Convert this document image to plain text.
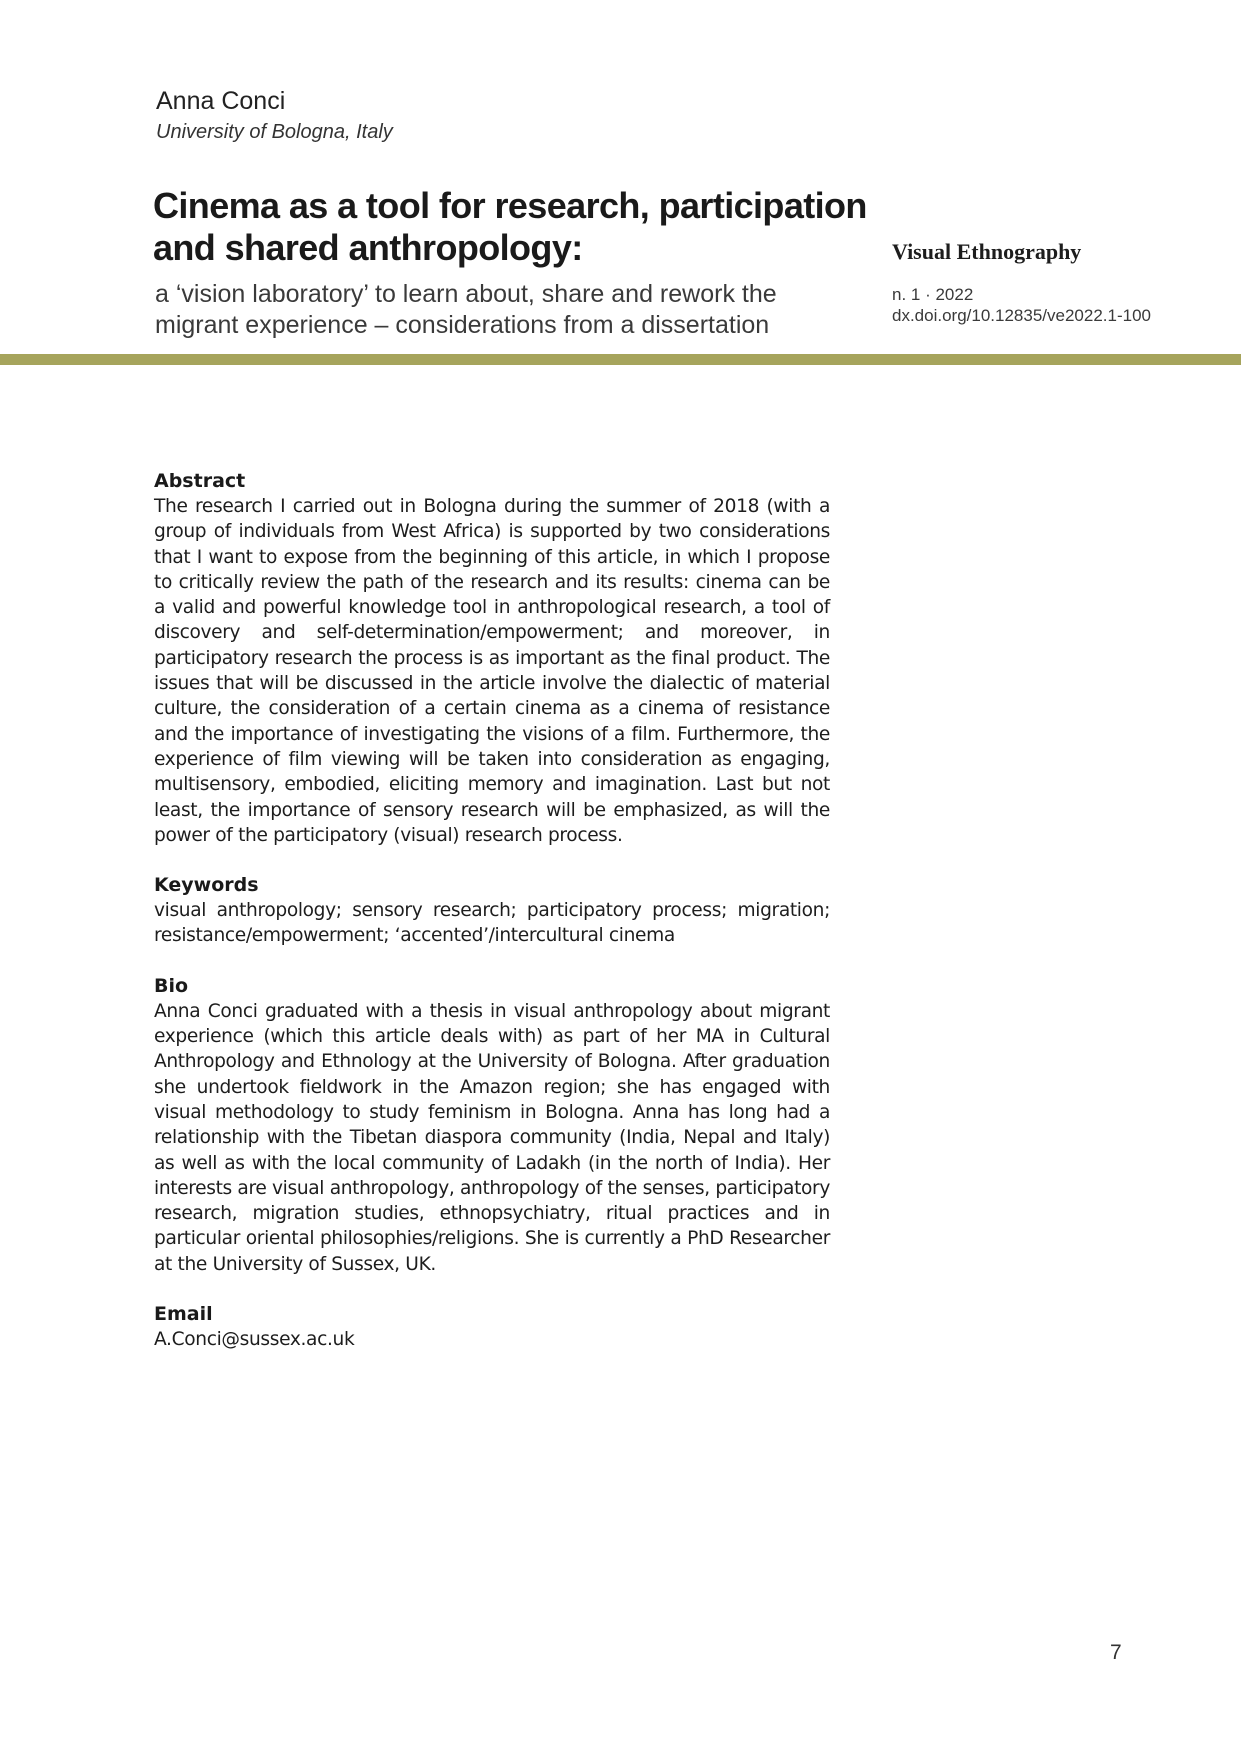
Anna Conci
University of Bologna, Italy
Cinema as a tool for research, participation and shared anthropology:
a ‘vision laboratory’ to learn about, share and rework the migrant experience – considerations from a dissertation
Visual Ethnography
n. 1 · 2022
dx.doi.org/10.12835/ve2022.1-100
Abstract

The research I carried out in Bologna during the summer of 2018 (with a group of individuals from West Africa) is supported by two considerations that I want to expose from the beginning of this article, in which I propose to critically review the path of the research and its results: cinema can be a valid and powerful knowledge tool in anthropological research, a tool of discovery and self-determination/empowerment; and moreover, in participatory research the process is as important as the final product. The issues that will be discussed in the article involve the dialectic of material culture, the consideration of a certain cinema as a cinema of resistance and the importance of investigating the visions of a film. Furthermore, the experience of film viewing will be taken into consideration as engaging, multisensory, embodied, eliciting memory and imagination. Last but not least, the importance of sensory research will be emphasized, as will the power of the participatory (visual) research process.

Keywords

visual anthropology; sensory research; participatory process; migration; resistance/empowerment; ‘accented’/intercultural cinema

Bio

Anna Conci graduated with a thesis in visual anthropology about migrant experience (which this article deals with) as part of her MA in Cultural Anthropology and Ethnology at the University of Bologna. After graduation she undertook fieldwork in the Amazon region; she has engaged with visual methodology to study feminism in Bologna. Anna has long had a relationship with the Tibetan diaspora community (India, Nepal and Italy) as well as with the local community of Ladakh (in the north of India). Her interests are visual anthropology, anthropology of the senses, participatory research, migration studies, ethnopsychiatry, ritual practices and in particular oriental philosophies/religions. She is currently a PhD Researcher at the University of Sussex, UK.

Email

A.Conci@sussex.ac.uk

7
